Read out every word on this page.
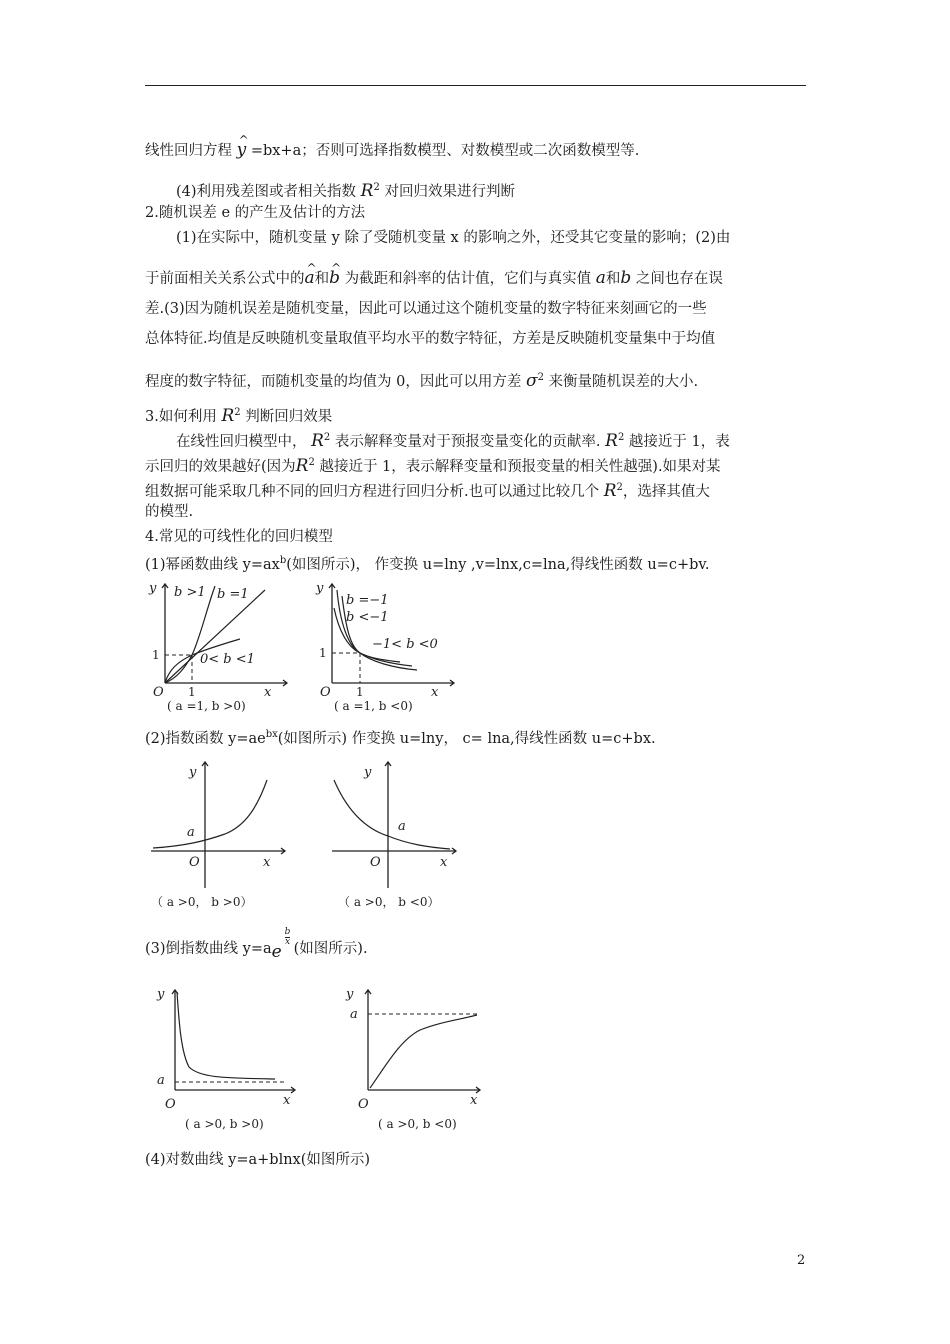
线性回归方程 ^ y =bx+a；否则可选择指数模型、对数模型或二次函数模型等.
(4)利用残差图或者相关指数 $R^2$ 对回归效果进行判断
2.随机误差 e 的产生及估计的方法
(1)在实际中，随机变量 y 除了受随机变量 x 的影响之外，还受其它变量的影响；(2)由
于前面相关关系公式中的^ a和^ b 为截距和斜率的估计值，它们与真实值 a和b 之间也存在误
差.(3)因为随机误差是随机变量，因此可以通过这个随机变量的数字特征来刻画它的一些
总体特征.均值是反映随机变量取值平均水平的数字特征，方差是反映随机变量集中于均值
程度的数字特征，而随机变量的均值为 0，因此可以用方差 $\sigma^2$ 来衡量随机误差的大小.
3.如何利用 $R^2$ 判断回归效果
在线性回归模型中， $R^2$ 表示解释变量对于预报变量变化的贡献率. $R^2$ 越接近于 1，表
示回归的效果越好(因为$R^2$ 越接近于 1，表示解释变量和预报变量的相关性越强).如果对某
组数据可能采取几种不同的回归方程进行回归分析.也可以通过比较几个 $R^2$，选择其值大
的模型.
4.常见的可线性化的回归模型
(1)幂函数曲线 $y=ax^b$(如图所示)， 作变换 u=lny ,v=lnx,c=lna,得线性函数 u=c+bv.
y
x
O 1
1
b >1 b =1
0< b <1
( a =1, b >0)
y
x
O 1
1
b =−1
b <−1
−1< b <0
( a =1, b <0)
(2)指数函数 $y=ae^{bx}$(如图所示) 作变换 u=lny， c= lna,得线性函数 u=c+bx.
y
x
O
a
（ a >0， b >0）
y
x
O
a
（ a >0， b <0）
(3)倒指数曲线 y=ae
$\frac{b}{x}$
(如图所示).
y
x
O
a
( a >0, b >0)
y
x
O
a
( a >0, b <0)
(4)对数曲线 y=a+blnx(如图所示)
2
